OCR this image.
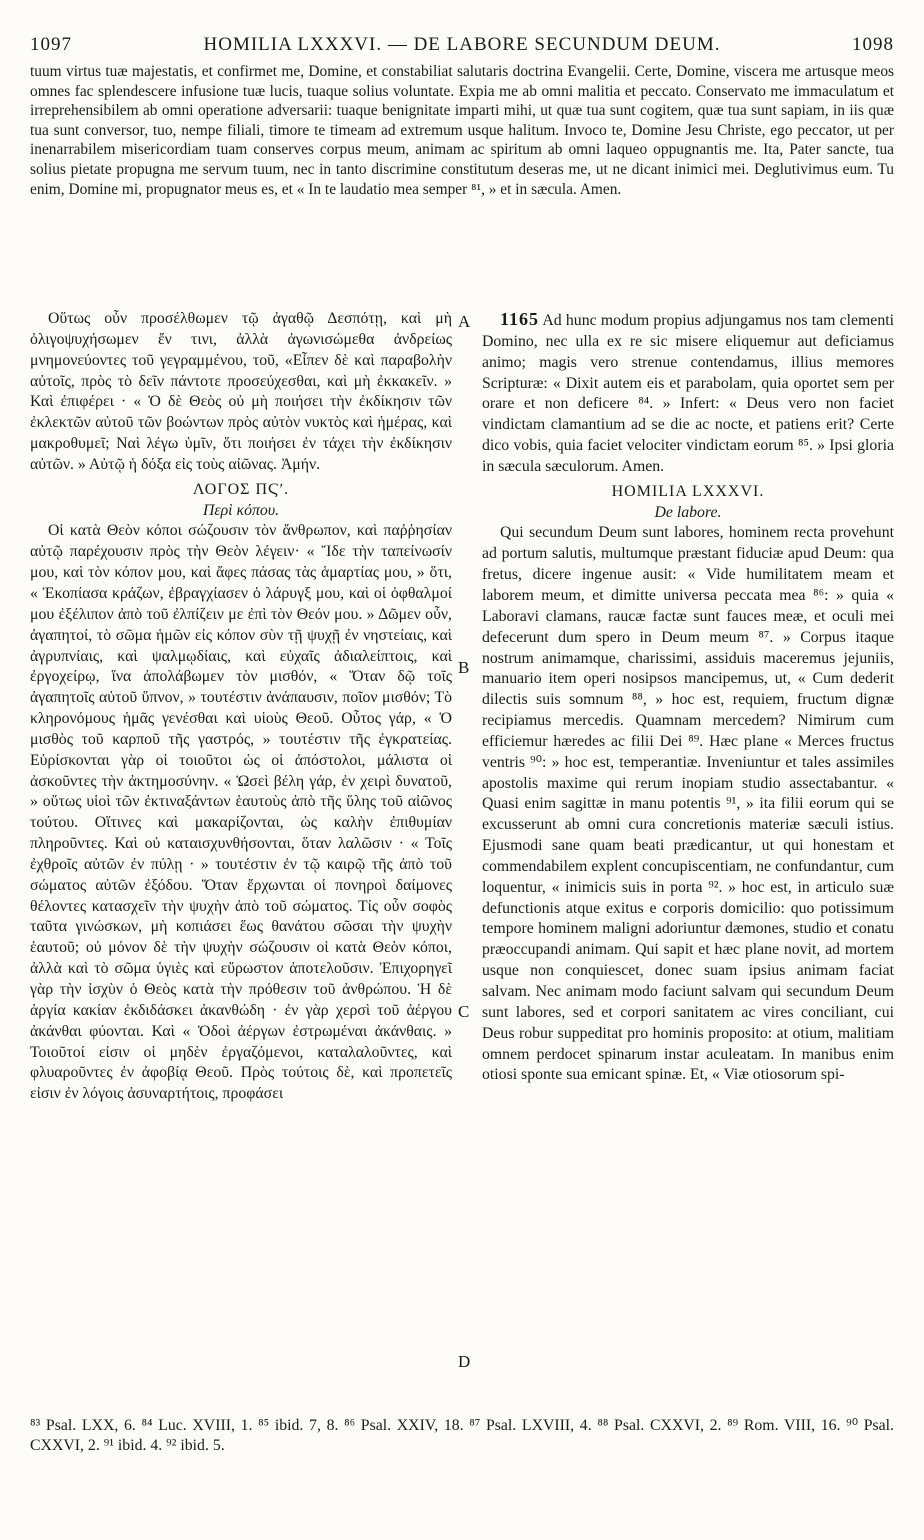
1097	HOMILIA LXXXVI. — DE LABORE SECUNDUM DEUM.	1098

tuum virtus tuæ majestatis, et confirmet me, Domine, et constabiliat salutaris doctrina Evangelii. Certe, Domine, viscera me artusque meos omnes fac splendescere infusione tuæ lucis, tuaque solius voluntate. Expia me ab omni malitia et peccato. Conservato me immaculatum et irreprehensibilem ab omni operatione adversarii: tuaque benignitate imparti mihi, ut quæ tua sunt cogitem, quæ tua sunt sapiam, in iis quæ tua sunt conversor, tuo, nempe filiali, timore te timeam ad extremum usque halitum. Invoco te, Domine Jesu Christe, ego peccator, ut per inenarrabilem misericordiam tuam conserves corpus meum, animam ac spiritum ab omni laqueo oppugnantis me. Ita, Pater sancte, tua solius pietate propugna me servum tuum, nec in tanto discrimine constitutum deseras me, ut ne dicant inimici mei. Deglutivimus eum. Tu enim, Domine mi, propugnator meus es, et « In te laudatio mea semper ⁸¹, » et in sæcula. Amen.

Οὕτως οὖν προσέλθωμεν τῷ ἀγαθῷ Δεσπότῃ, καὶ μὴ ὀλιγοψυχήσωμεν ἔν τινι, ἀλλὰ ἀγωνισώμεθα ἀνδρείως μνημονεύοντες τοῦ γεγραμμένου, τοῦ, «Εἶπεν δὲ καὶ παραβολὴν αὐτοῖς, πρὸς τὸ δεῖν πάντοτε προσεύχεσθαι, καὶ μὴ ἐκκακεῖν. » Καὶ ἐπιφέρει · « Ὁ δὲ Θεὸς οὐ μὴ ποιήσει τὴν ἐκδίκησιν τῶν ἐκλεκτῶν αὐτοῦ τῶν βοώντων πρὸς αὐτὸν νυκτὸς καὶ ἡμέρας, καὶ μακροθυμεῖ; Ναὶ λέγω ὑμῖν, ὅτι ποιήσει ἐν τάχει τὴν ἐκδίκησιν αὐτῶν. » Αὐτῷ ἡ δόξα εἰς τοὺς αἰῶνας. Ἀμήν.

ΛΟΓΟΣ ΠϚʹ.
Περὶ κόπου.

Οἱ κατὰ Θεὸν κόποι σώζουσιν τὸν ἄνθρωπον, καὶ παῤῥησίαν αὐτῷ παρέχουσιν πρὸς τὴν Θεὸν λέγειν· « Ἴδε τὴν ταπείνωσίν μου, καὶ τὸν κόπον μου, καὶ ἄφες πάσας τὰς ἁμαρτίας μου, » ὅτι, « Ἐκοπίασα κράζων, ἐβραγχίασεν ὁ λάρυγξ μου, καὶ οἱ ὀφθαλμοί μου ἐξέλιπον ἀπὸ τοῦ ἐλπίζειν με ἐπὶ τὸν Θεόν μου. » Δῶμεν οὖν, ἀγαπητοί, τὸ σῶμα ἡμῶν εἰς κόπον σὺν τῇ ψυχῇ ἐν νηστείαις, καὶ ἀγρυπνίαις, καὶ ψαλμῳδίαις, καὶ εὐχαῖς ἀδιαλείπτοις, καὶ ἐργοχείρῳ, ἵνα ἀπολάβωμεν τὸν μισθόν, « Ὅταν δῷ τοῖς ἀγαπητοῖς αὐτοῦ ὕπνον, » τουτέστιν ἀνάπαυσιν, ποῖον μισθόν; Τὸ κληρονόμους ἡμᾶς γενέσθαι καὶ υἱοὺς Θεοῦ. Οὗτος γάρ, « Ὁ μισθὸς τοῦ καρποῦ τῆς γαστρός, » τουτέστιν τῆς ἐγκρατείας. Εὑρίσκονται γὰρ οἱ τοιοῦτοι ὡς οἱ ἀπόστολοι, μάλιστα οἱ ἀσκοῦντες τὴν ἀκτημοσύνην. « Ὡσεὶ βέλη γάρ, ἐν χειρὶ δυνατοῦ, » οὕτως υἱοὶ τῶν ἐκτιναξάντων ἑαυτοὺς ἀπὸ τῆς ὕλης τοῦ αἰῶνος τούτου. Οἵτινες καὶ μακαρίζονται, ὡς καλὴν ἐπιθυμίαν πληροῦντες. Καὶ οὐ καταισχυνθήσονται, ὅταν λαλῶσιν · « Τοῖς ἐχθροῖς αὐτῶν ἐν πύλῃ · » τουτέστιν ἐν τῷ καιρῷ τῆς ἀπὸ τοῦ σώματος αὐτῶν ἐξόδου. Ὅταν ἔρχωνται οἱ πονηροὶ δαίμονες θέλοντες κατασχεῖν τὴν ψυχὴν ἀπὸ τοῦ σώματος. Τίς οὖν σοφὸς ταῦτα γινώσκων, μὴ κοπιάσει ἕως θανάτου σῶσαι τὴν ψυχὴν ἑαυτοῦ; οὐ μόνον δὲ τὴν ψυχὴν σώζουσιν οἱ κατὰ Θεὸν κόποι, ἀλλὰ καὶ τὸ σῶμα ὑγιὲς καὶ εὔρωστον ἀποτελοῦσιν. Ἐπιχορηγεῖ γὰρ τὴν ἰσχὺν ὁ Θεὸς κατὰ τὴν πρόθεσιν τοῦ ἀνθρώπου. Ἡ δὲ ἀργία κακίαν ἐκδιδάσκει ἀκανθώδη · ἐν γὰρ χερσὶ τοῦ ἀέργου ἀκάνθαι φύονται. Καὶ « Ὁδοὶ ἀέργων ἐστρωμέναι ἀκάνθαις. » Τοιοῦτοί εἰσιν οἱ μηδὲν ἐργαζόμενοι, καταλαλοῦντες, καὶ φλυαροῦντες ἐν ἀφοβίᾳ Θεοῦ. Πρὸς τούτοις δὲ, καὶ προπετεῖς εἰσιν ἐν λόγοις ἀσυναρτήτοις, προφάσει

A
B
C
D

1165 Ad hunc modum propius adjungamus nos tam clementi Domino, nec ulla ex re sic misere eliquemur aut deficiamus animo; magis vero strenue contendamus, illius memores Scripturæ: « Dixit autem eis et parabolam, quia oportet sem per orare et non deficere ⁸⁴. » Infert: « Deus vero non faciet vindictam clamantium ad se die ac nocte, et patiens erit? Certe dico vobis, quia faciet velociter vindictam eorum ⁸⁵. » Ipsi gloria in sæcula sæculorum. Amen.

HOMILIA LXXXVI.
De labore.

Qui secundum Deum sunt labores, hominem recta provehunt ad portum salutis, multumque præstant fiduciæ apud Deum: qua fretus, dicere ingenue ausit: « Vide humilitatem meam et laborem meum, et dimitte universa peccata mea ⁸⁶: » quia « Laboravi clamans, raucæ factæ sunt fauces meæ, et oculi mei defecerunt dum spero in Deum meum ⁸⁷. » Corpus itaque nostrum animamque, charissimi, assiduis maceremus jejuniis, manuario item operi nosipsos mancipemus, ut, « Cum dederit dilectis suis somnum ⁸⁸, » hoc est, requiem, fructum dignæ recipiamus mercedis. Quamnam mercedem? Nimirum cum efficiemur hæredes ac filii Dei ⁸⁹. Hæc plane « Merces fructus ventris ⁹⁰: » hoc est, temperantiæ. Inveniuntur et tales assimiles apostolis maxime qui rerum inopiam studio assectabantur. « Quasi enim sagittæ in manu potentis ⁹¹, » ita filii eorum qui se excusserunt ab omni cura concretionis materiæ sæculi istius. Ejusmodi sane quam beati prædicantur, ut qui honestam et commendabilem explent concupiscentiam, ne confundantur, cum loquentur, « inimicis suis in porta ⁹². » hoc est, in articulo suæ defunctionis atque exitus e corporis domicilio: quo potissimum tempore hominem maligni adoriuntur dæmones, studio et conatu præoccupandi animam. Qui sapit et hæc plane novit, ad mortem usque non conquiescet, donec suam ipsius animam faciat salvam. Nec animam modo faciunt salvam qui secundum Deum sunt labores, sed et corpori sanitatem ac vires conciliant, cui Deus robur suppeditat pro hominis proposito: at otium, malitiam omnem perdocet spinarum instar aculeatam. In manibus enim otiosi sponte sua emicant spinæ. Et, « Viæ otiosorum spi-

⁸³ Psal. LXX, 6. ⁸⁴ Luc. XVIII, 1. ⁸⁵ ibid. 7, 8. ⁸⁶ Psal. XXIV, 18. ⁸⁷ Psal. LXVIII, 4. ⁸⁸ Psal. CXXVI, 2. ⁸⁹ Rom. VIII, 16. ⁹⁰ Psal. CXXVI, 2. ⁹¹ ibid. 4. ⁹² ibid. 5.
